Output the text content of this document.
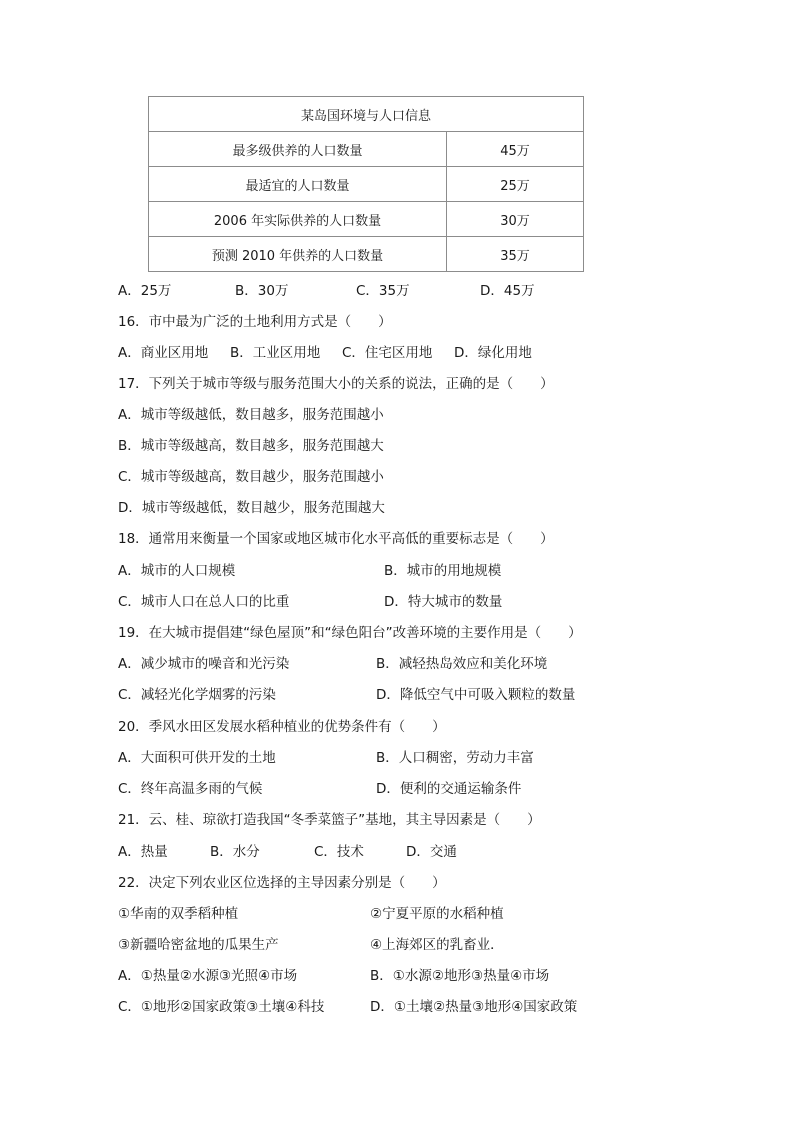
某岛国环境与人口信息	
最多级供养的人口数量	45万
最适宜的人口数量	25万
2006 年实际供养的人口数量	30万
预测 2010 年供养的人口数量	35万
A．25万	B．30万	C．35万	D．45万
16．市中最为广泛的土地利用方式是（　　）
A．商业区用地 B．工业区用地 C．住宅区用地 D．绿化用地
17．下列关于城市等级与服务范围大小的关系的说法，正确的是（　　）
A．城市等级越低，数目越多，服务范围越小
B．城市等级越高，数目越多，服务范围越大
C．城市等级越高，数目越少，服务范围越小
D．城市等级越低，数目越少，服务范围越大
18．通常用来衡量一个国家或地区城市化水平高低的重要标志是（　　）
A．城市的人口规模	B．城市的用地规模
C．城市人口在总人口的比重	D．特大城市的数量
19．在大城市提倡建“绿色屋顶”和“绿色阳台”改善环境的主要作用是（　　）
A．减少城市的噪音和光污染	B．减轻热岛效应和美化环境
C．减轻光化学烟雾的污染	D．降低空气中可吸入颗粒的数量
20．季风水田区发展水稻种植业的优势条件有（　　）
A．大面积可供开发的土地	B．人口稠密，劳动力丰富
C．终年高温多雨的气候	D．便利的交通运输条件
21．云、桂、琼欲打造我国“冬季菜篮子”基地，其主导因素是（　　）
A．热量	B．水分	C．技术	D．交通
22．决定下列农业区位选择的主导因素分别是（　　）
①华南的双季稻种植	②宁夏平原的水稻种植
③新疆哈密盆地的瓜果生产	④上海郊区的乳畜业．
A．①热量②水源③光照④市场	B．①水源②地形③热量④市场
C．①地形②国家政策③土壤④科技	D．①土壤②热量③地形④国家政策
